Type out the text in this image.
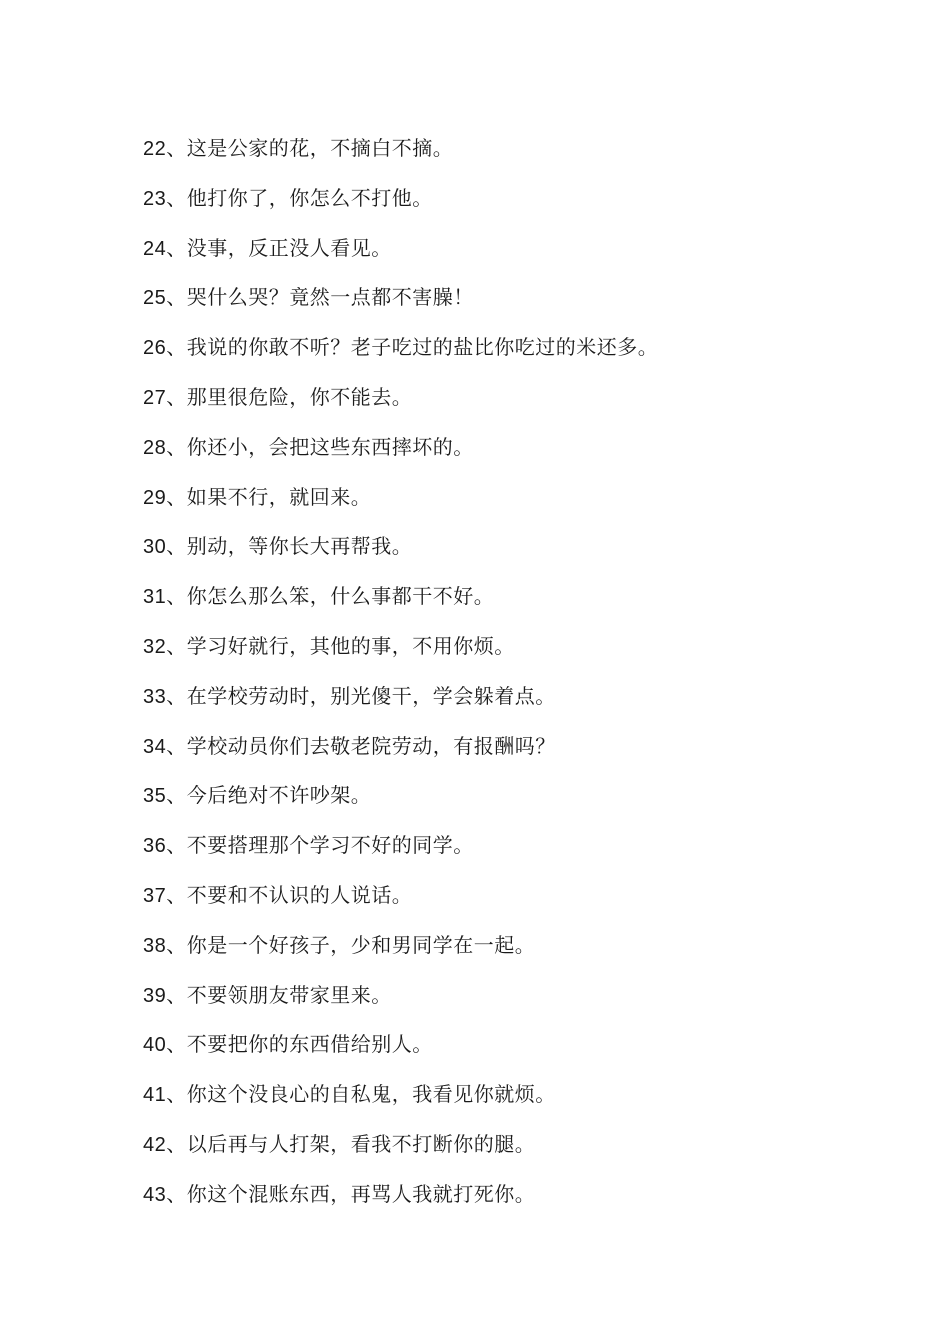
22、这是公家的花，不摘白不摘。
23、他打你了，你怎么不打他。
24、没事，反正没人看见。
25、哭什么哭？竟然一点都不害臊！
26、我说的你敢不听？老子吃过的盐比你吃过的米还多。
27、那里很危险，你不能去。
28、你还小，会把这些东西摔坏的。
29、如果不行，就回来。
30、别动，等你长大再帮我。
31、你怎么那么笨，什么事都干不好。
32、学习好就行，其他的事，不用你烦。
33、在学校劳动时，别光傻干，学会躲着点。
34、学校动员你们去敬老院劳动，有报酬吗？
35、今后绝对不许吵架。
36、不要搭理那个学习不好的同学。
37、不要和不认识的人说话。
38、你是一个好孩子，少和男同学在一起。
39、不要领朋友带家里来。
40、不要把你的东西借给别人。
41、你这个没良心的自私鬼，我看见你就烦。
42、以后再与人打架，看我不打断你的腿。
43、你这个混账东西，再骂人我就打死你。
